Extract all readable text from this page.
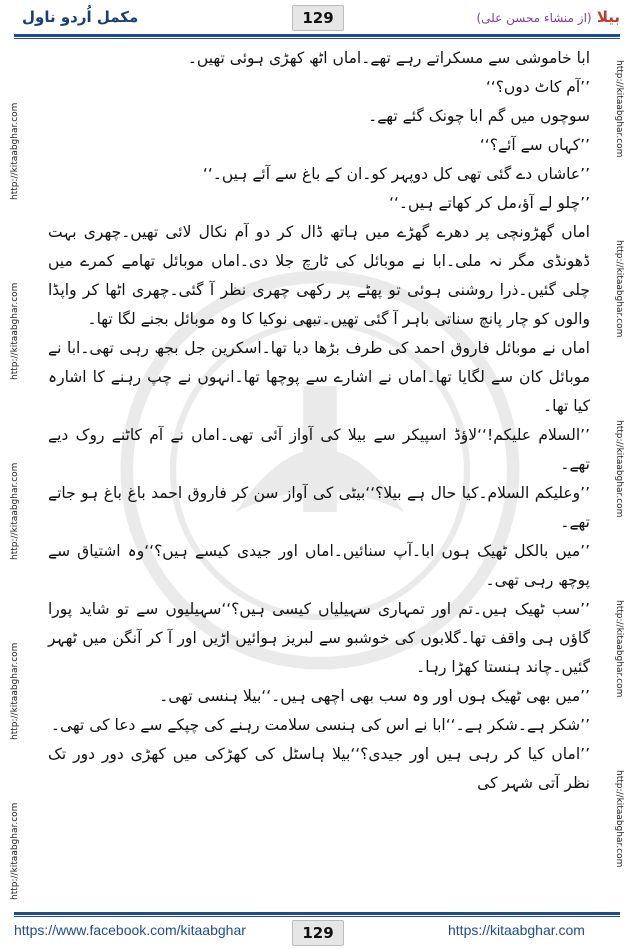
بیلا (از منشاء محسن علی)
129
مکمل اُردو ناول
http://kitaabghar.com
http://kitaabghar.com
http://kitaabghar.com
http://kitaabghar.com
http://kitaabghar.com
http://kitaabghar.com
http://kitaabghar.com
http://kitaabghar.com
http://kitaabghar.com
http://kitaabghar.com

ابا خاموشی سے مسکراتے رہے تھے۔اماں اٹھ کھڑی ہوئی تھیں۔

’’آم کاٹ دوں؟‘‘

سوچوں میں گم ابا چونک گئے تھے۔

’’کہاں سے آئے؟‘‘

’’عاشاں دے گئی تھی کل دوپہر کو۔ان کے باغ سے آئے ہیں۔‘‘

’’چلو لے آؤ،مل کر کھاتے ہیں۔‘‘

اماں گھڑونچی پر دھرے گھڑے میں ہاتھ ڈال کر دو آم نکال لائی تھیں۔چھری بہت ڈھونڈی مگر نہ ملی۔ابا نے موبائل کی ٹارچ جلا دی۔اماں موبائل تھامے کمرے میں چلی گئیں۔ذرا روشنی ہوئی تو پھٹے پر رکھی چھری نظر آ گئی۔چھری اٹھا کر واپڈا والوں کو چار پانچ سناتی باہر آ گئی تھیں۔تبھی نوکیا کا وہ موبائل بجنے لگا تھا۔

اماں نے موبائل فاروق احمد کی طرف بڑھا دیا تھا۔اسکرین جل بجھ رہی تھی۔ابا نے موبائل کان سے لگایا تھا۔اماں نے اشارے سے پوچھا تھا۔انہوں نے چپ رہنے کا اشارہ کیا تھا۔

’’السلام علیکم!‘‘لاؤڈ اسپیکر سے بیلا کی آواز آئی تھی۔اماں نے آم کاٹنے روک دیے تھے۔

’’وعلیکم السلام۔کیا حال ہے بیلا؟‘‘بیٹی کی آواز سن کر فاروق احمد باغ باغ ہو جاتے تھے۔

’’میں بالکل ٹھیک ہوں ابا۔آپ سنائیں۔اماں اور جیدی کیسے ہیں؟‘‘وہ اشتیاق سے پوچھ رہی تھی۔

’’سب ٹھیک ہیں۔تم اور تمہاری سہیلیاں کیسی ہیں؟‘‘سہیلیوں سے تو شاید پورا گاؤں ہی واقف تھا۔گلابوں کی خوشبو سے لبریز ہوائیں اڑیں اور آ کر آنگن میں ٹھہر گئیں۔چاند ہنستا کھڑا رہا۔

’’میں بھی ٹھیک ہوں اور وہ سب بھی اچھی ہیں۔‘‘بیلا ہنسی تھی۔

’’شکر ہے۔شکر ہے۔‘‘ابا نے اس کی ہنسی سلامت رہنے کی چپکے سے دعا کی تھی۔

’’اماں کیا کر رہی ہیں اور جیدی؟‘‘بیلا ہاسٹل کی کھڑکی میں کھڑی دور دور تک نظر آتی شہر کی

https://www.facebook.com/kitaabghar	129	https://kitaabghar.com
